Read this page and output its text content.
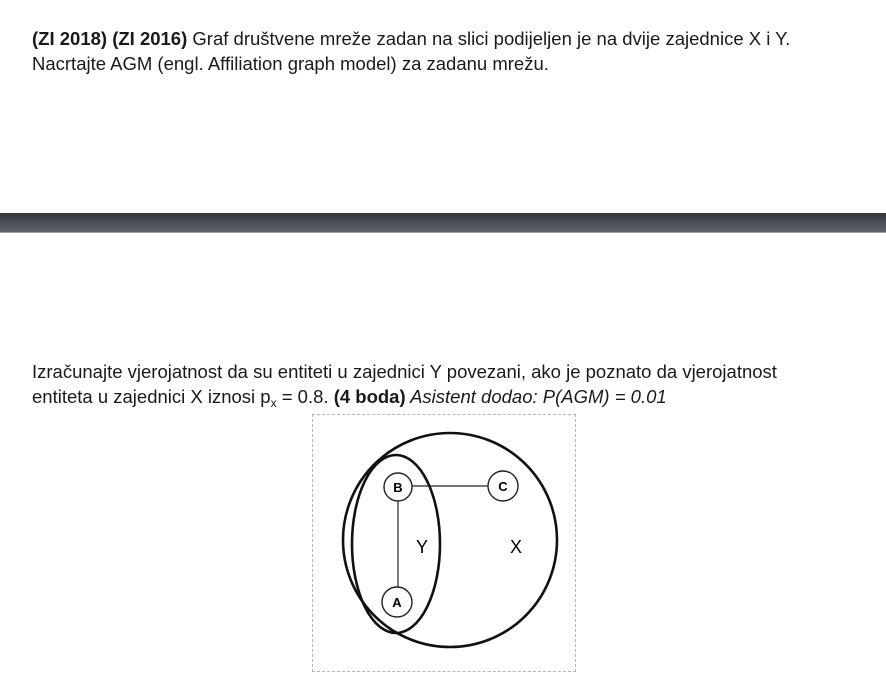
(ZI 2018) (ZI 2016) Graf društvene mreže zadan na slici podijeljen je na dvije zajednice X i Y.
Nacrtajte AGM (engl. Affiliation graph model) za zadanu mrežu.
Izračunajte vjerojatnost da su entiteti u zajednici Y povezani, ako je poznato da vjerojatnost
entiteta u zajednici X iznosi $p_x = 0.8$. (4 boda) Asistent dodao: P(AGM) = 0.01
B	C
A
Y	X
